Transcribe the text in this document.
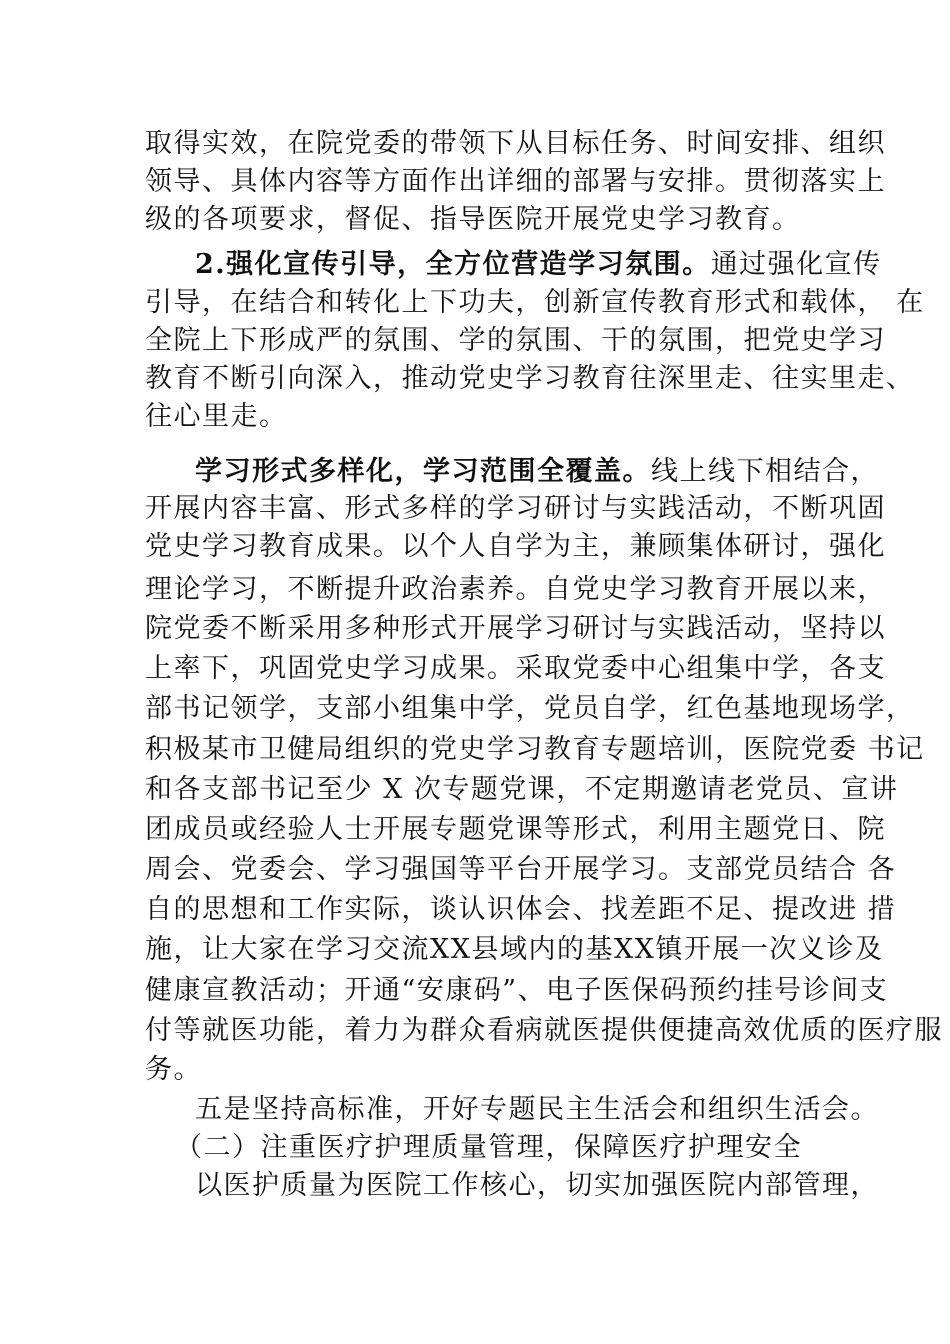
取得实效，在院党委的带领下从目标任务、时间安排、组织
领导、具体内容等方面作出详细的部署与安排。贯彻落实上
级的各项要求，督促、指导医院开展党史学习教育。
2.强化宣传引导，全方位营造学习氛围。通过强化宣传
引导，在结合和转化上下功夫，创新宣传教育形式和载体， 在
全院上下形成严的氛围、学的氛围、干的氛围，把党史学习
教育不断引向深入，推动党史学习教育往深里走、往实里走、
往心里走。
学习形式多样化，学习范围全覆盖。线上线下相结合，
开展内容丰富、形式多样的学习研讨与实践活动，不断巩固
党史学习教育成果。以个人自学为主，兼顾集体研讨，强化
理论学习，不断提升政治素养。自党史学习教育开展以来，
院党委不断采用多种形式开展学习研讨与实践活动，坚持以
上率下，巩固党史学习成果。采取党委中心组集中学，各支
部书记领学，支部小组集中学，党员自学，红色基地现场学，
积极某市卫健局组织的党史学习教育专题培训，医院党委 书记
和各支部书记至少 X 次专题党课，不定期邀请老党员、宣讲
团成员或经验人士开展专题党课等形式，利用主题党日、院
周会、党委会、学习强国等平台开展学习。支部党员结合 各
自的思想和工作实际，谈认识体会、找差距不足、提改进 措
施，让大家在学习交流XX县域内的基XX镇开展一次义诊及
健康宣教活动；开通“安康码”、电子医保码预约挂号诊间支
付等就医功能，着力为群众看病就医提供便捷高效优质的医疗服
务。
五是坚持高标准，开好专题民主生活会和组织生活会。
（二）注重医疗护理质量管理，保障医疗护理安全
以医护质量为医院工作核心，切实加强医院内部管理，
